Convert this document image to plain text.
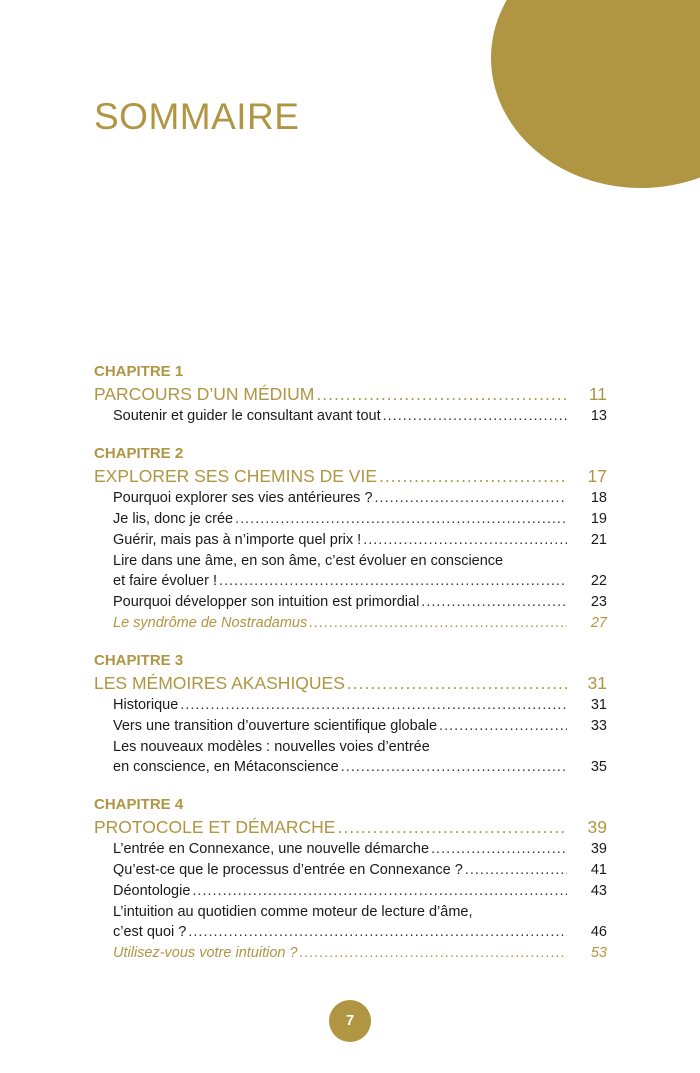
SOMMAIRE
CHAPITRE 1
PARCOURS D’UN MÉDIUM .....	11
Soutenir et guider le consultant avant tout .....	13
CHAPITRE 2
EXPLORER SES CHEMINS DE VIE .....	17
Pourquoi explorer ses vies antérieures ? .....	18
Je lis, donc je crée .....	19
Guérir, mais pas à n’importe quel prix ! .....	21
Lire dans une âme, en son âme, c’est évoluer en conscience
et faire évoluer ! .....	22
Pourquoi développer son intuition est primordial .....	23
Le syndrôme de Nostradamus .....	27
CHAPITRE 3
LES MÉMOIRES AKASHIQUES .....	31
Historique .....	31
Vers une transition d’ouverture scientifique globale .....	33
Les nouveaux modèles : nouvelles voies d’entrée
en conscience, en Métaconscience .....	35
CHAPITRE 4
PROTOCOLE ET DÉMARCHE .....	39
L’entrée en Connexance, une nouvelle démarche .....	39
Qu’est-ce que le processus d’entrée en Connexance ? .....	41
Déontologie .....	43
L’intuition au quotidien comme moteur de lecture d’âme,
c’est quoi ? .....	46
Utilisez-vous votre intuition ? .....	53
7
